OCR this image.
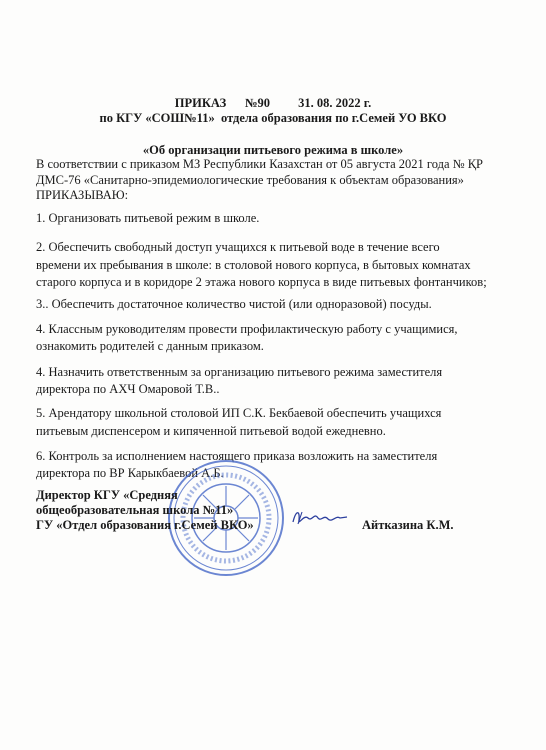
ПРИКАЗ      №90         31. 08. 2022 г.
по КГУ «СОШ№11»  отдела образования по г.Семей УО ВКО
«Об организации питьевого режима в школе»
В соответствии с приказом МЗ Республики Казахстан от 05 августа 2021 года № ҚР
ДМС-76 «Санитарно-эпидемиологические требования к объектам образования»
ПРИКАЗЫВАЮ:
1. Организовать питьевой режим в школе.
2. Обеспечить свободный доступ учащихся к питьевой воде в течение всего
времени их пребывания в школе: в столовой нового корпуса, в бытовых комнатах
старого корпуса и в коридоре 2 этажа нового корпуса в виде питьевых фонтанчиков;
3.. Обеспечить достаточное количество чистой (или одноразовой) посуды.
4. Классным руководителям провести профилактическую работу с учащимися,
ознакомить родителей с данным приказом.
4. Назначить ответственным за организацию питьевого режима заместителя
директора по АХЧ Омаровой Т.В..
5. Арендатору школьной столовой ИП С.К. Бекбаевой обеспечить учащихся
питьевым диспенсером и кипяченной питьевой водой ежедневно.
6. Контроль за исполнением настоящего приказа возложить на заместителя
директора по ВР Карыкбаевой А.Б.
Директор КГУ «Средняя
общеобразовательная школа №11»
ГУ «Отдел образования г.Семей ВКО»	Айтказина К.М.
